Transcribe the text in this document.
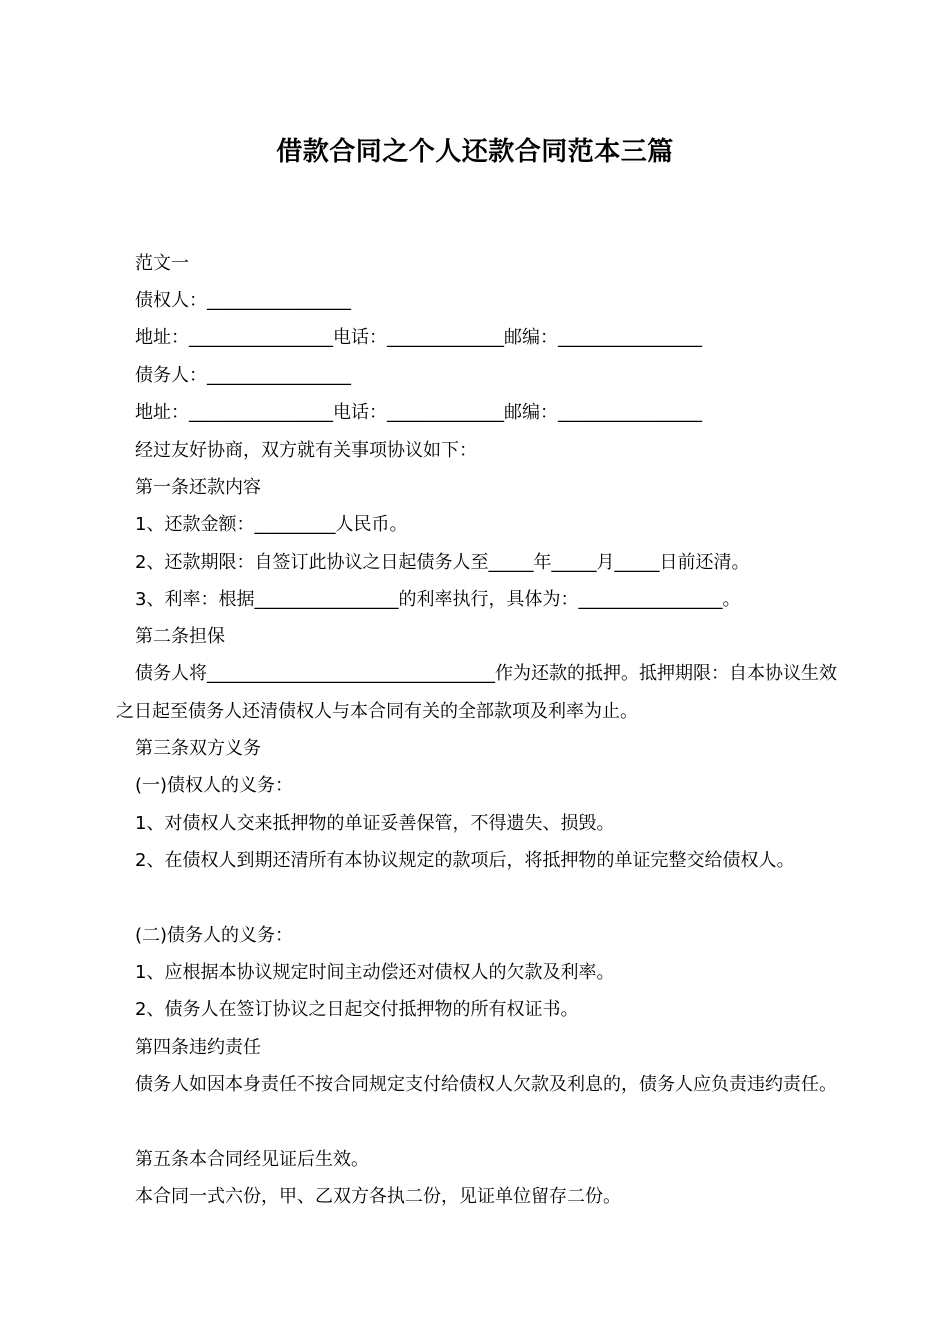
借款合同之个人还款合同范本三篇
范文一
债权人：________________
地址：________________电话：_____________邮编：________________
债务人：________________
地址：________________电话：_____________邮编：________________
经过友好协商，双方就有关事项协议如下：
第一条还款内容
1、还款金额：_________人民币。
2、还款期限：自签订此协议之日起债务人至_____年_____月_____日前还清。
3、利率：根据________________的利率执行，具体为：________________。
第二条担保
债务人将________________________________作为还款的抵押。抵押期限：自本协议生效之日起至债务人还清债权人与本合同有关的全部款项及利率为止。
第三条双方义务
(一)债权人的义务：
1、对债权人交来抵押物的单证妥善保管，不得遗失、损毁。
2、在债权人到期还清所有本协议规定的款项后，将抵押物的单证完整交给债权人。
(二)债务人的义务：
1、应根据本协议规定时间主动偿还对债权人的欠款及利率。
2、债务人在签订协议之日起交付抵押物的所有权证书。
第四条违约责任
债务人如因本身责任不按合同规定支付给债权人欠款及利息的，债务人应负责违约责任。
第五条本合同经见证后生效。
本合同一式六份，甲、乙双方各执二份，见证单位留存二份。
